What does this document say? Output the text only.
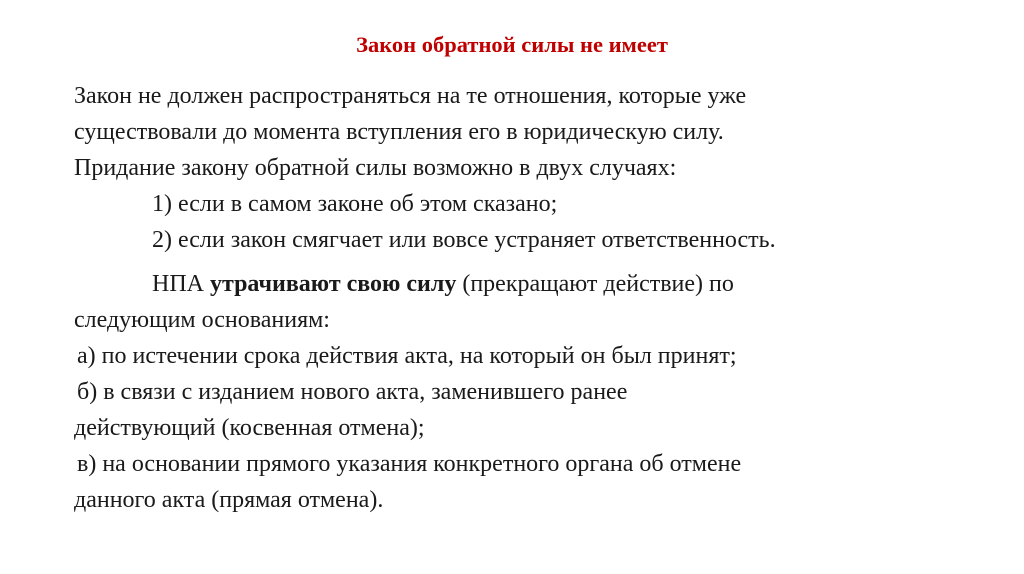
Закон обратной силы не имеет
Закон не должен распространяться на те отношения, которые уже
существовали до момента вступления его в юридическую силу.
Придание закону обратной силы возможно в двух случаях:
1) если в самом законе об этом сказано;
2) если закон смягчает или вовсе устраняет ответственность.
НПА утрачивают свою силу (прекращают действие) по
следующим основаниям:
а) по истечении срока действия акта, на который он был принят;
б) в связи с изданием нового акта, заменившего ранее
действующий (косвенная отмена);
в) на основании прямого указания конкретного органа об отмене
данного акта (прямая отмена).
